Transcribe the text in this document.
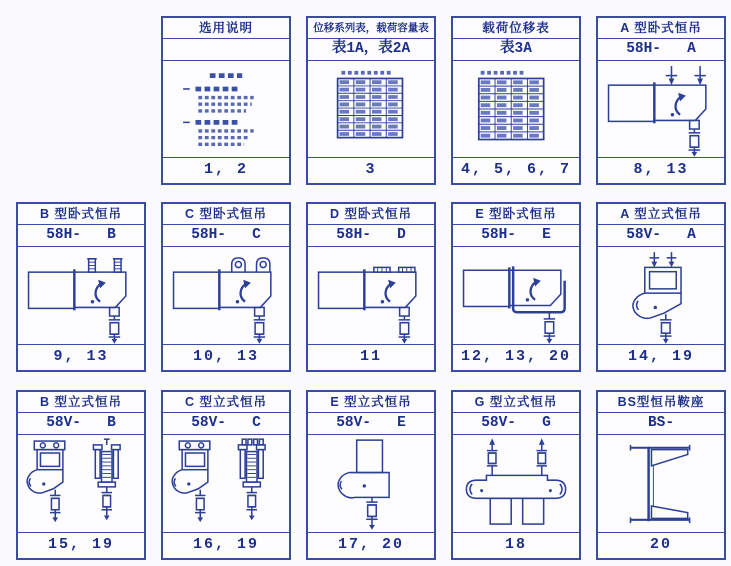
选用说明
1, 2
位移系列表，载荷容量表
表1A，表2A
3
载荷位移表
表3A
4, 5, 6, 7
A 型卧式恒吊
58H-   A
8, 13
B 型卧式恒吊
58H-   B
9, 13
C 型卧式恒吊
58H-   C
10, 13
D 型卧式恒吊
58H-   D
11
E 型卧式恒吊
58H-   E
12, 13, 20
A 型立式恒吊
58V-   A
14, 19
B 型立式恒吊
58V-   B
15, 19
C 型立式恒吊
58V-   C
16, 19
E 型立式恒吊
58V-   E
17, 20
G 型立式恒吊
58V-   G
18
BS型恒吊鞍座
BS-
20
